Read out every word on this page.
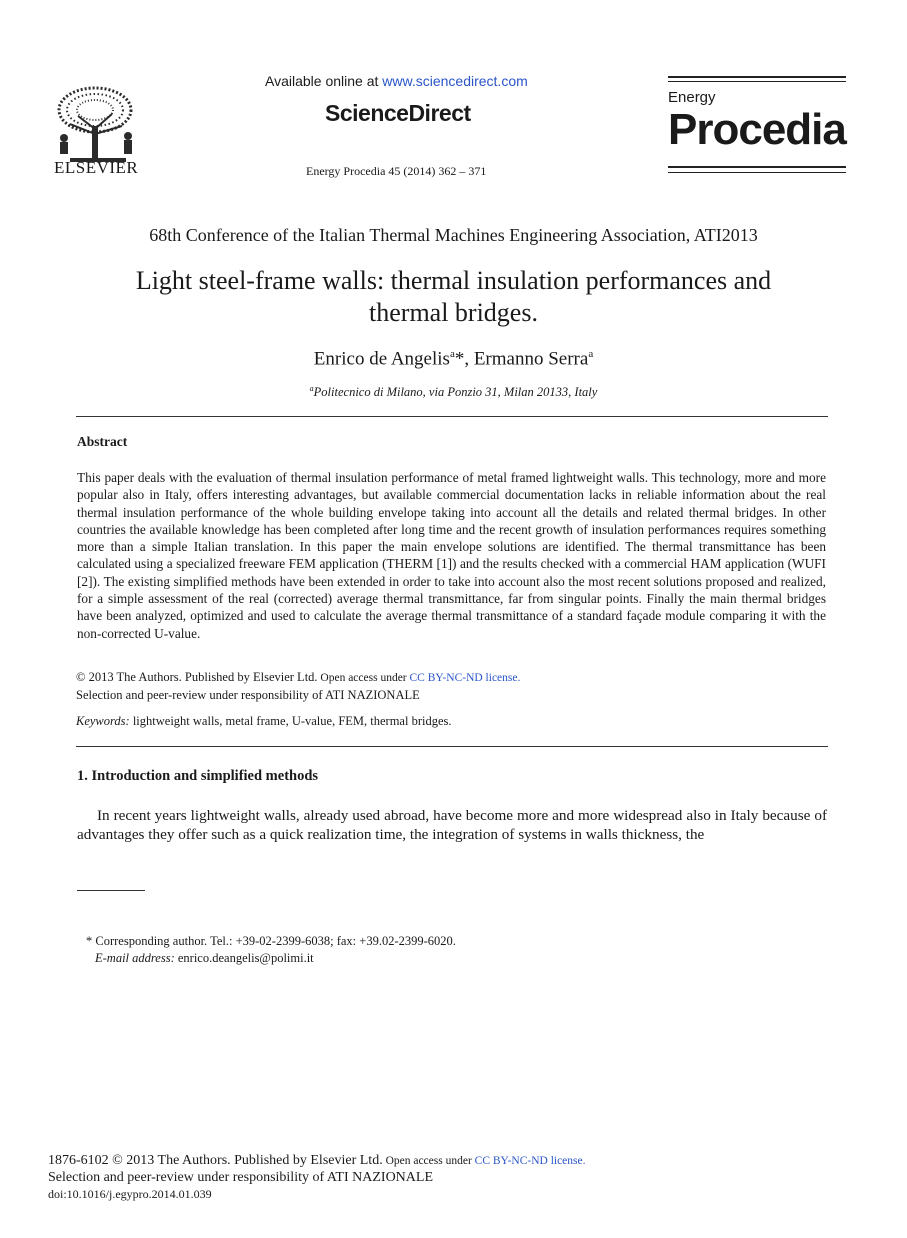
ELSEVIER
Available online at www.sciencedirect.com
ScienceDirect
Energy Procedia 45 (2014) 362 – 371
Energy
Procedia
68th Conference of the Italian Thermal Machines Engineering Association, ATI2013
Light steel-frame walls: thermal insulation performances and
thermal bridges.
Enrico de Angelis$^a$*, Ermanno Serra$^a$
$^a$Politecnico di Milano, via Ponzio 31, Milan 20133, Italy
Abstract
This paper deals with the evaluation of thermal insulation performance of metal framed lightweight walls. This technology, more and more popular also in Italy, offers interesting advantages, but available commercial documentation lacks in reliable information about the real thermal insulation performance of the whole building envelope taking into account all the details and related thermal bridges. In other countries the available knowledge has been completed after long time and the recent growth of insulation performances requires something more than a simple Italian translation. In this paper the main envelope solutions are identified. The thermal transmittance has been calculated using a specialized freeware FEM application (THERM [1]) and the results checked with a commercial HAM application (WUFI [2]). The existing simplified methods have been extended in order to take into account also the most recent solutions proposed and realized, for a simple assessment of the real (corrected) average thermal transmittance, far from singular points. Finally the main thermal bridges have been analyzed, optimized and used to calculate the average thermal transmittance of a standard façade module comparing it with the non-corrected U-value.
© 2013 The Authors. Published by Elsevier Ltd. Open access under CC BY-NC-ND license.
Selection and peer-review under responsibility of ATI NAZIONALE
Keywords: lightweight walls, metal frame, U-value, FEM, thermal bridges.
1. Introduction and simplified methods
In recent years lightweight walls, already used abroad, have become more and more widespread also in Italy because of advantages they offer such as a quick realization time, the integration of systems in walls thickness, the
* Corresponding author. Tel.: +39-02-2399-6038; fax: +39.02-2399-6020.
E-mail address: enrico.deangelis@polimi.it
1876-6102 © 2013 The Authors. Published by Elsevier Ltd. Open access under CC BY-NC-ND license.
Selection and peer-review under responsibility of ATI NAZIONALE
doi:10.1016/j.egypro.2014.01.039
